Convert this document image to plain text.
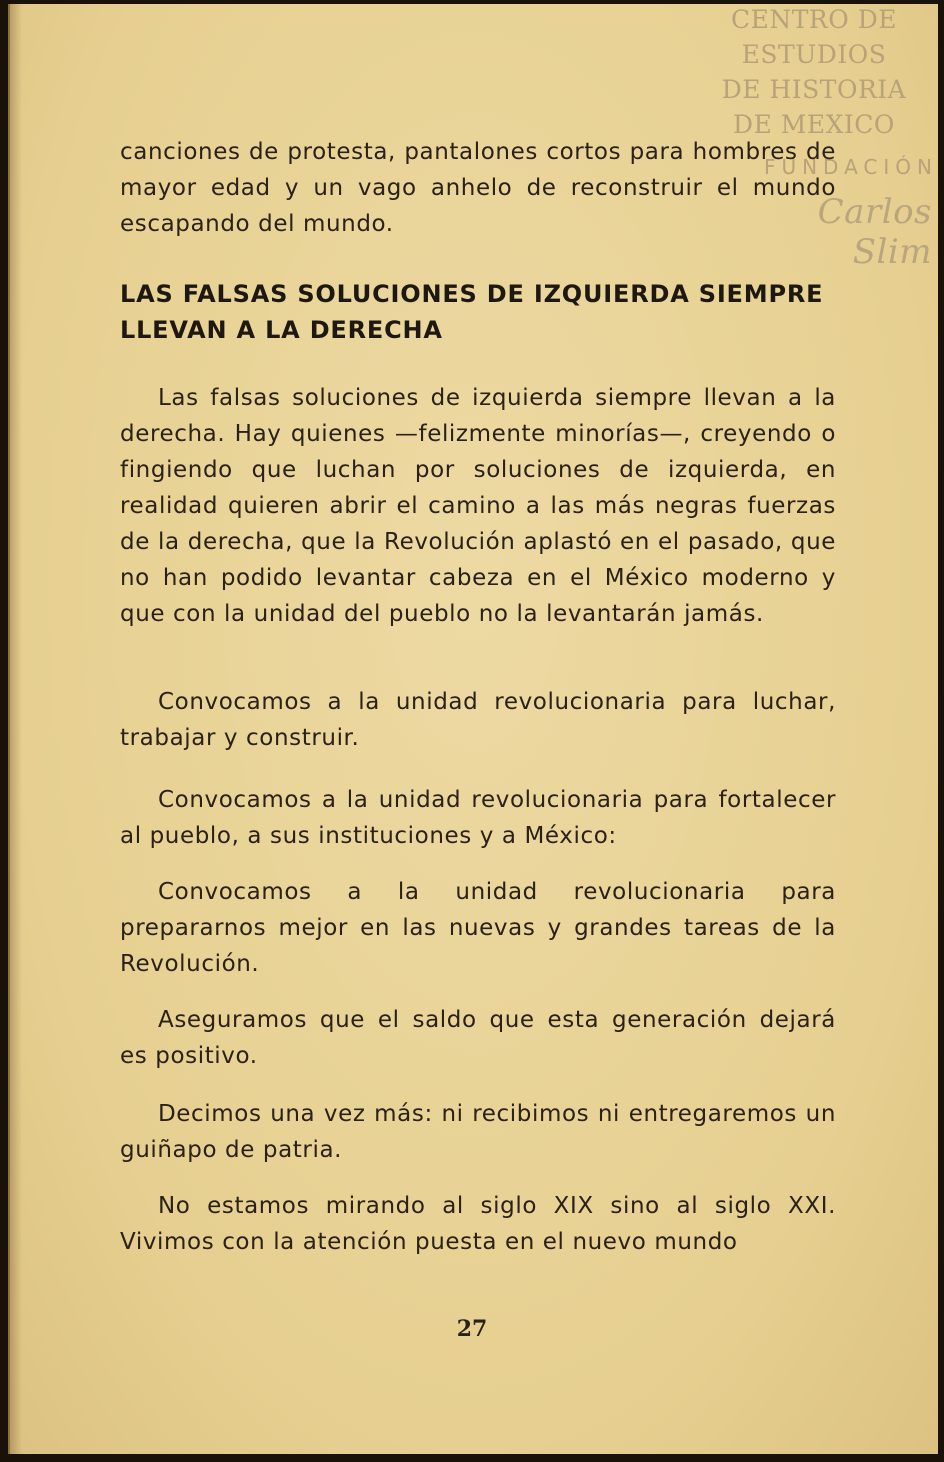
CENTRO DE
ESTUDIOS
DE HISTORIA
DE MEXICO
FUNDACIÓN
Carlos Slim
canciones de protesta, pantalones cortos para hombres de mayor edad y un vago anhelo de reconstruir el mundo escapando del mundo.
LAS FALSAS SOLUCIONES DE IZQUIERDA SIEMPRE LLEVAN A LA DERECHA
Las falsas soluciones de izquierda siempre llevan a la derecha. Hay quienes —felizmente minorías—, creyendo o fingiendo que luchan por soluciones de izquierda, en realidad quieren abrir el camino a las más negras fuerzas de la derecha, que la Revolución aplastó en el pasado, que no han podido levantar cabeza en el México moderno y que con la unidad del pueblo no la levantarán jamás.
Convocamos a la unidad revolucionaria para luchar, trabajar y construir.
Convocamos a la unidad revolucionaria para fortalecer al pueblo, a sus instituciones y a México:
Convocamos a la unidad revolucionaria para prepararnos mejor en las nuevas y grandes tareas de la Revolución.
Aseguramos que el saldo que esta generación dejará es positivo.
Decimos una vez más: ni recibimos ni entregaremos un guiñapo de patria.
No estamos mirando al siglo XIX sino al siglo XXI. Vivimos con la atención puesta en el nuevo mundo
27
